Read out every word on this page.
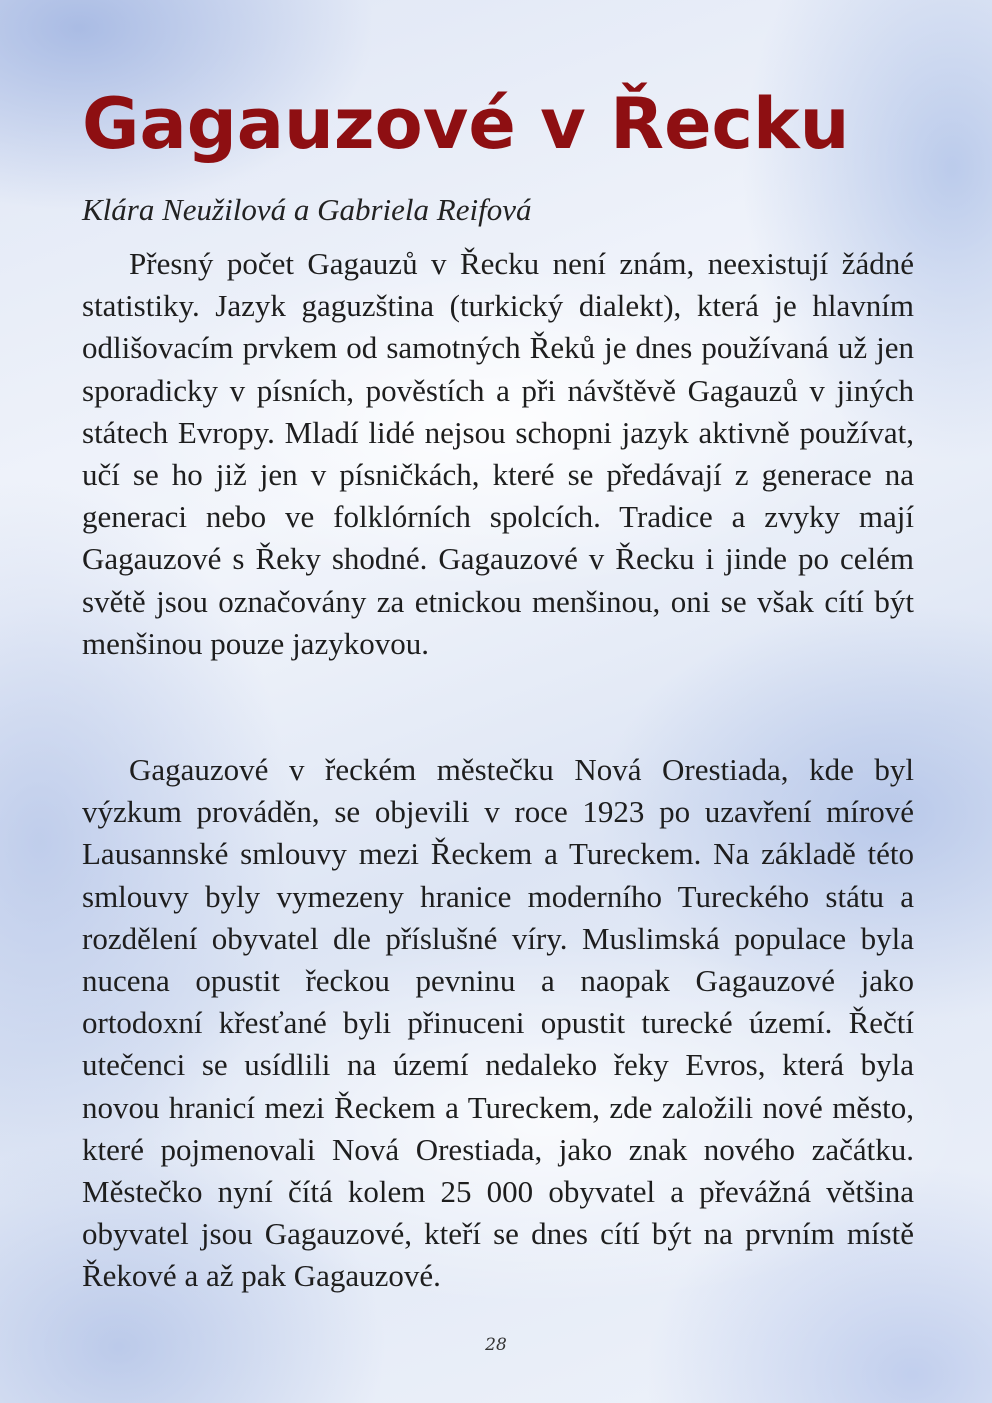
Gagauzové v Řecku

Klára Neužilová a Gabriela Reifová

Přesný počet Gagauzů v Řecku není znám, neexistují žádné statistiky. Jazyk gaguzština (turkický dialekt), která je hlavním odlišovacím prvkem od samotných Řeků je dnes používaná už jen sporadicky v písních, pověstích a při návštěvě Gagauzů v jiných státech Evropy. Mladí lidé nejsou schopni jazyk aktivně používat, učí se ho již jen v písničkách, které se předávají z generace na generaci nebo ve folklórních spolcích. Tradice a zvyky mají Gagauzové s Řeky shodné. Gagauzové v Řecku i jinde po celém světě jsou označovány za etnickou menšinou, oni se však cítí být menšinou pouze jazykovou.

Gagauzové v řeckém městečku Nová Orestiada, kde byl výzkum prováděn, se objevili v roce 1923 po uzavření mírové Lausannské smlouvy mezi Řeckem a Tureckem. Na základě této smlouvy byly vymezeny hranice moderního Tureckého státu a rozdělení obyvatel dle příslušné víry. Muslimská populace byla nucena opustit řeckou pevninu a naopak Gagauzové jako ortodoxní křesťané byli přinuceni opustit turecké území. Řečtí utečenci se usídlili na území nedaleko řeky Evros, která byla novou hranicí mezi Řeckem a Tureckem, zde založili nové město, které pojmenovali Nová Orestiada, jako znak nového začátku. Městečko nyní čítá kolem 25 000 obyvatel a převážná většina obyvatel jsou Gagauzové, kteří se dnes cítí být na prvním místě Řekové a až pak Gagauzové.

28
